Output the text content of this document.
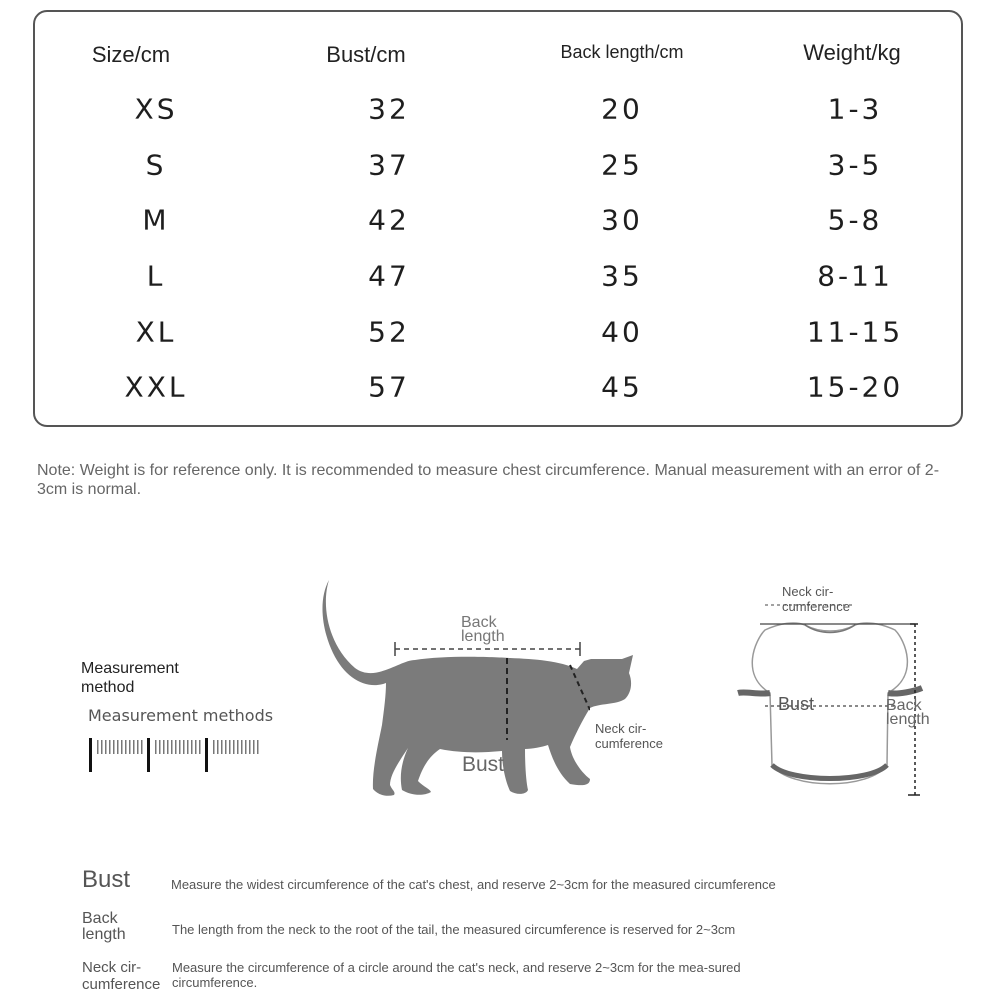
Size/cm	Bust/cm	Back length/cm	Weight/kg
XS	32	20	1-3
S	37	25	3-5
M	42	30	5-8
L	47	35	8-11
XL	52	40	11-15
XXL	57	45	15-20
Note: Weight is for reference only. It is recommended to measure chest circumference. Manual measurement with an error of 2-3cm is normal.
Measurement
method
Measurement methods
Back
length
Neck cir-
cumference
Bust
Neck cir-
cumference
Bust	Back
length
Bust	Measure the widest circumference of the cat's chest, and reserve 2~3cm for the measured circumference
Back
length	The length from the neck to the root of the tail, the measured circumference is reserved for 2~3cm
Neck cir-
cumference
Measure the circumference of a circle around the cat's neck, and reserve 2~3cm for the mea-sured circumference.
